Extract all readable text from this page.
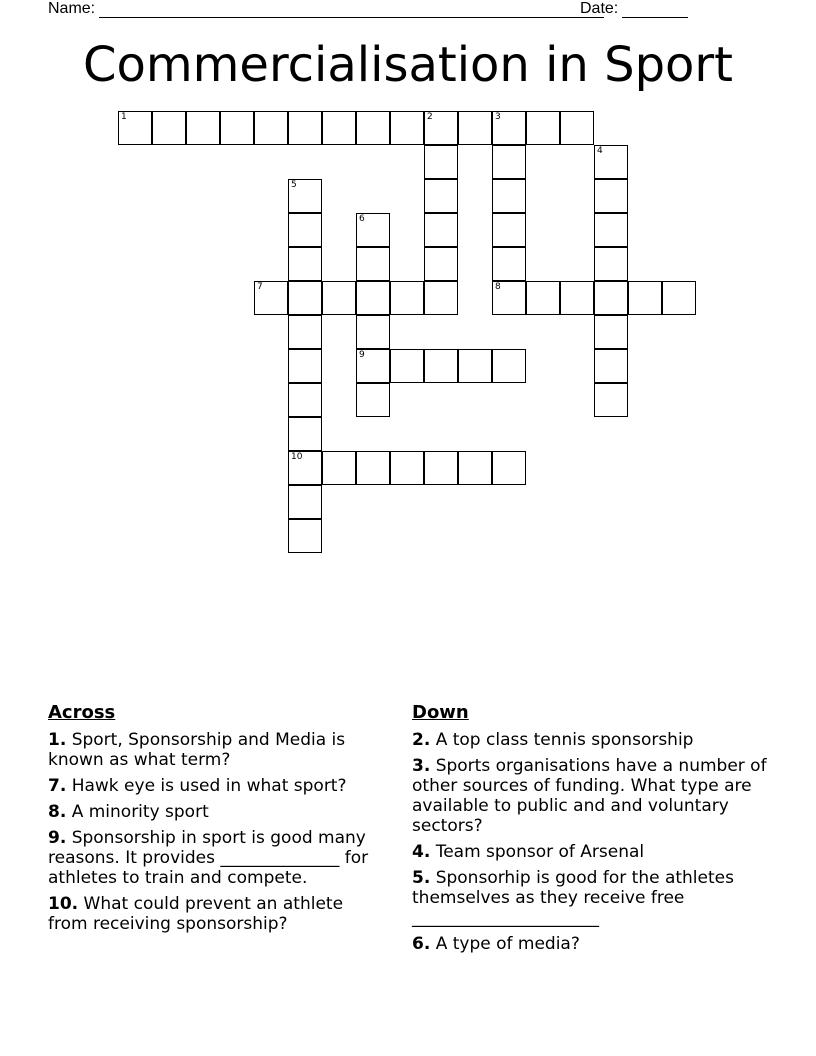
Name:	Date:
Commercialisation in Sport
1	2	3
4
5
6
7	8
9
10
Across
1. Sport, Sponsorship and Media is known as what term?
7. Hawk eye is used in what sport?
8. A minority sport
9. Sponsorship in sport is good many reasons. It provides ______________ for athletes to train and compete.
10. What could prevent an athlete from receiving sponsorship?
Down
2. A top class tennis sponsorship
3. Sports organisations have a number of other sources of funding. What type are available to public and and voluntary sectors?
4. Team sponsor of Arsenal
5. Sponsorhip is good for the athletes themselves as they receive free ______________________
6. A type of media?
